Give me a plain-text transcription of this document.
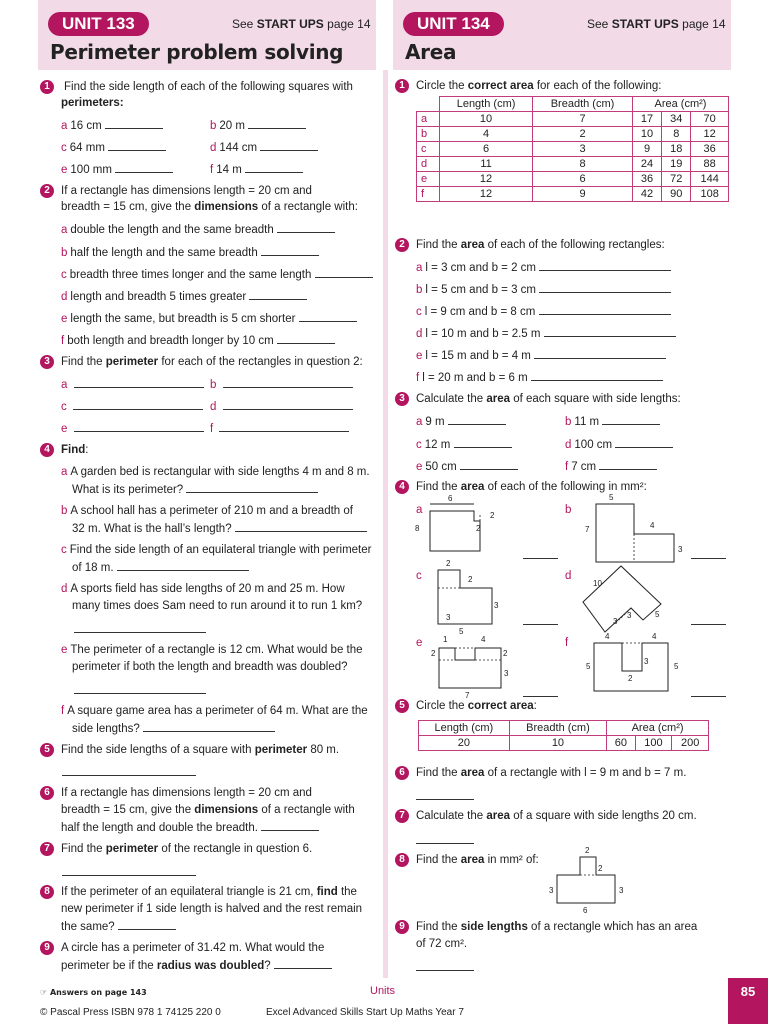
UNIT 133	See START UPS page 14
Perimeter problem solving
UNIT 134	See START UPS page 14
Area
1	Find the side length of each of the following squares with
perimeters:
a 16 cm	b 20 m
c 64 mm	d 144 cm
e 100 mm	f 14 m
2 If a rectangle has dimensions length = 20 cm and
breadth = 15 cm, give the dimensions of a rectangle with:
a double the length and the same breadth
b half the length and the same breadth
c breadth three times longer and the same length
d length and breadth 5 times greater
e length the same, but breadth is 5 cm shorter
f both length and breadth longer by 10 cm
3 Find the perimeter for each of the rectangles in question 2:
a	b
c	d
e	f
4 Find:
a A garden bed is rectangular with side lengths 4 m and 8 m.
What is its perimeter?
b A school hall has a perimeter of 210 m and a breadth of
32 m. What is the hall’s length?
c Find the side length of an equilateral triangle with perimeter
of 18 m.
d A sports field has side lengths of 20 m and 25 m. How
many times does Sam need to run around it to run 1 km?
e The perimeter of a rectangle is 12 cm. What would be the
perimeter if both the length and breadth was doubled?
f A square game area has a perimeter of 64 m. What are the
side lengths?
5 Find the side lengths of a square with perimeter 80 m.
6 If a rectangle has dimensions length = 20 cm and
breadth = 15 cm, give the dimensions of a rectangle with
half the length and double the breadth.
7 Find the perimeter of the rectangle in question 6.
8 If the perimeter of an equilateral triangle is 21 cm, find the
new perimeter if 1 side length is halved and the rest remain
the same?
9 A circle has a perimeter of 31.42 m. What would the
perimeter be if the radius was doubled?
1 Circle the correct area for each of the following:
	Length (cm)	Breadth (cm)	Area (cm²)		
a	10	7	17	34	70
b	4	2	10	8	12
c	6	3	9	18	36
d	11	8	24	19	88
e	12	6	36	72	144
f	12	9	42	90	108
2 Find the area of each of the following rectangles:
a l = 3 cm and b = 2 cm
b l = 5 cm and b = 3 cm
c l = 9 cm and b = 8 cm
d l = 10 m and b = 2.5 m
e l = 15 m and b = 4 m
f l = 20 m and b = 6 m
3 Calculate the area of each square with side lengths:
a 9 m	b 11 m
c 12 m	d 100 cm
e 50 cm	f 7 cm
4 Find the area of each of the following in mm²:
a
6
8
2
2
b
5
7	4
3
c
2
2
3
3
d
10
3	5
3
e
5
1	4
2	2
3
7
f
4	4
5	5
3
2
5 Circle the correct area:
Length (cm)	Breadth (cm)	Area (cm²)		
20	10	60	100	200
6 Find the area of a rectangle with l = 9 m and b = 7 m.
7 Calculate the area of a square with side lengths 20 cm.
8 Find the area in mm² of:
2
2
3	3
6
9 Find the side lengths of a rectangle which has an area
of 72 cm².
☞ Answers on page 143	Units
© Pascal Press ISBN 978 1 74125 220 0	Excel Advanced Skills Start Up Maths Year 7
85
